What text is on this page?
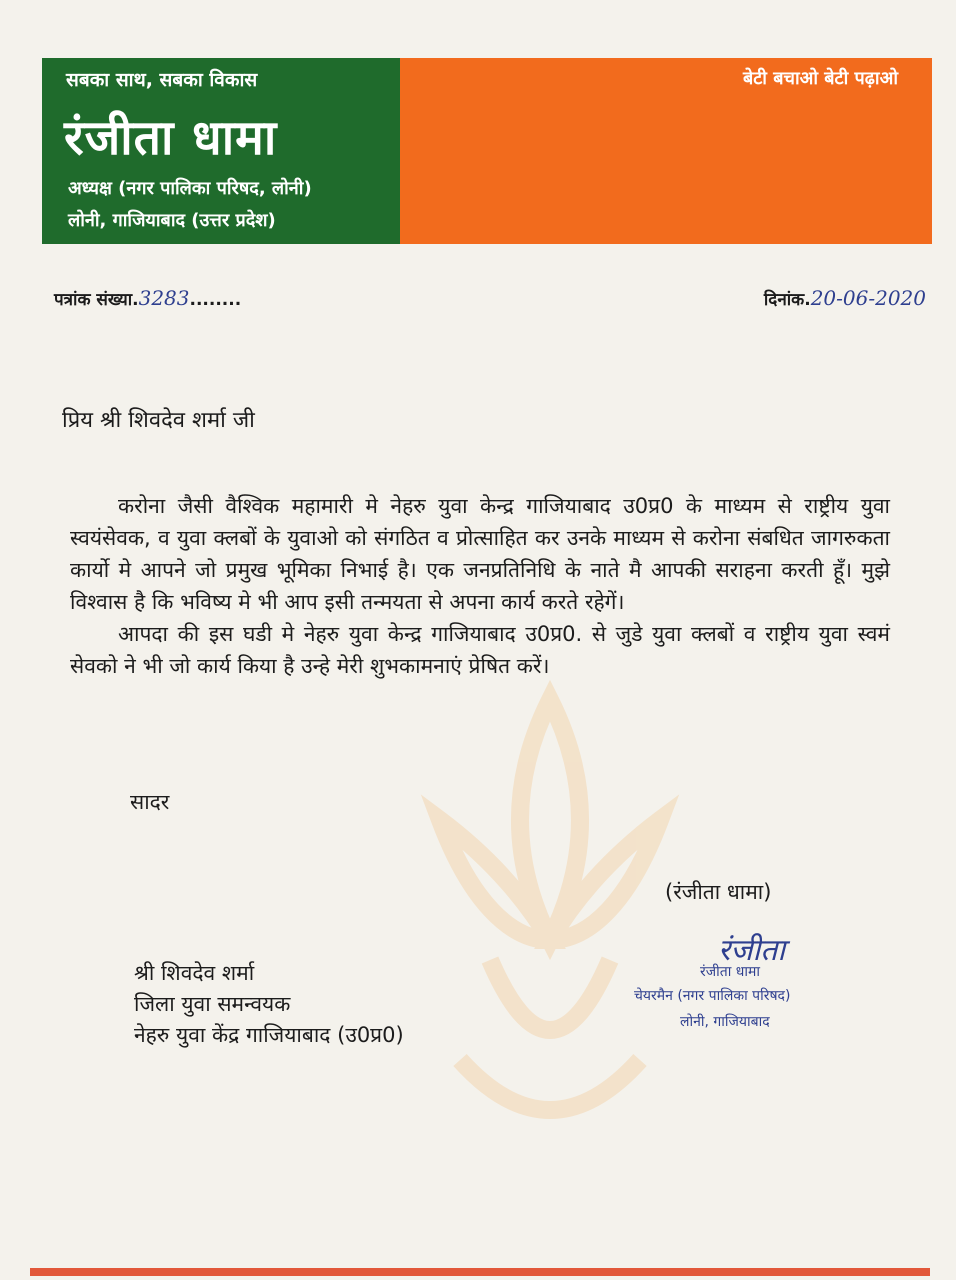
सबका साथ, सबका विकास
रंजीता धामा
अध्यक्ष (नगर पालिका परिषद, लोनी)
लोनी, गाजियाबाद (उत्तर प्रदेश)
बेटी बचाओ बेटी पढ़ाओ
पत्रांक संख्या.3283........	दिनांक.20-06-2020
प्रिय श्री शिवदेव शर्मा जी

करोना जैसी वैश्विक महामारी मे नेहरु युवा केन्द्र गाजियाबाद उ0प्र0 के माध्यम से राष्ट्रीय युवा स्वयंसेवक, व युवा क्लबों के युवाओ को संगठित व प्रोत्साहित कर उनके माध्यम से करोना संबधित जागरुकता कार्यो मे आपने जो प्रमुख भूमिका निभाई है। एक जनप्रतिनिधि के नाते मै आपकी सराहना करती हूँ। मुझे विश्वास है कि भविष्य मे भी आप इसी तन्मयता से अपना कार्य करते रहेगें।

आपदा की इस घडी मे नेहरु युवा केन्द्र गाजियाबाद उ0प्र0. से जुडे युवा क्लबों व राष्ट्रीय युवा स्वमं सेवको ने भी जो कार्य किया है उन्हे मेरी शुभकामनाएं प्रेषित करें।

सादर
(रंजीता धामा)
रंजीता
रंजीता धामा
चेयरमैन (नगर पालिका परिषद)
लोनी, गाजियाबाद
श्री शिवदेव शर्मा
जिला युवा समन्वयक
नेहरु युवा केंद्र गाजियाबाद (उ0प्र0)
